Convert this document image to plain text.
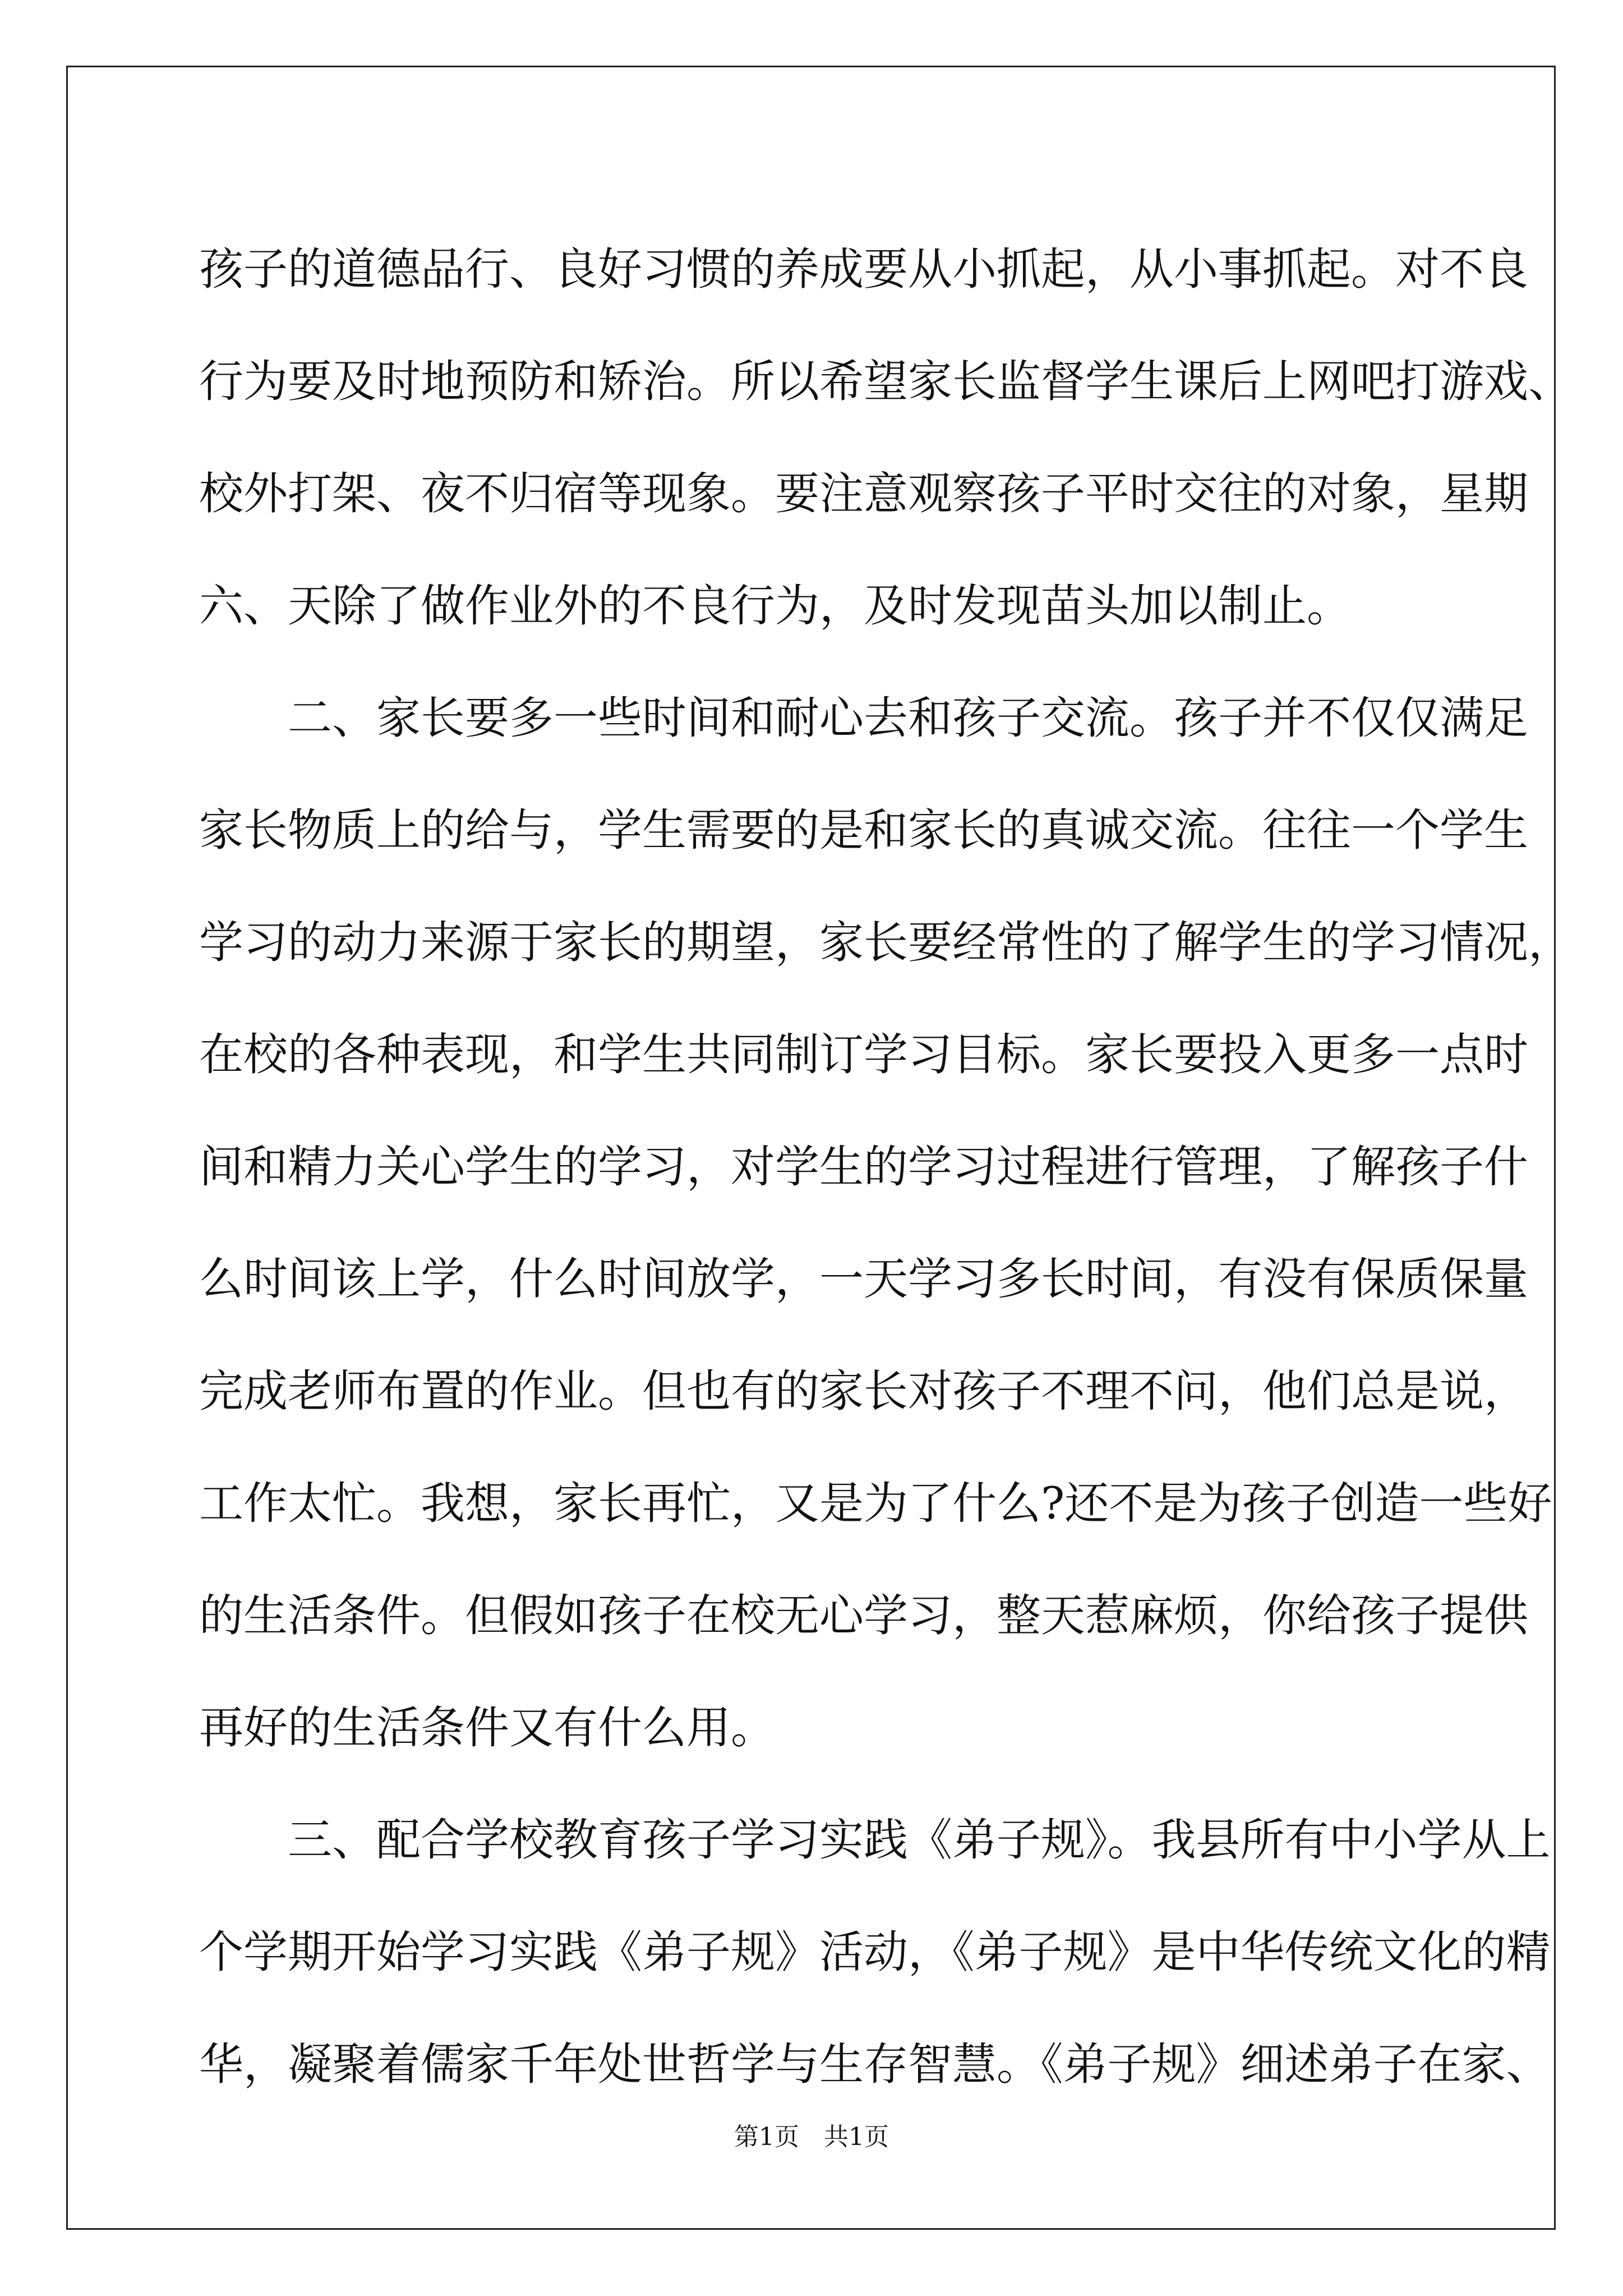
孩子的道德品行、良好习惯的养成要从小抓起，从小事抓起。对不良
行为要及时地预防和矫治。所以希望家长监督学生课后上网吧打游戏、
校外打架、夜不归宿等现象。要注意观察孩子平时交往的对象，星期
六、天除了做作业外的不良行为，及时发现苗头加以制止。
　　二、家长要多一些时间和耐心去和孩子交流。孩子并不仅仅满足
家长物质上的给与，学生需要的是和家长的真诚交流。往往一个学生
学习的动力来源于家长的期望，家长要经常性的了解学生的学习情况，
在校的各种表现，和学生共同制订学习目标。家长要投入更多一点时
间和精力关心学生的学习，对学生的学习过程进行管理，了解孩子什
么时间该上学，什么时间放学，一天学习多长时间，有没有保质保量
完成老师布置的作业。但也有的家长对孩子不理不问，他们总是说，
工作太忙。我想，家长再忙，又是为了什么?还不是为孩子创造一些好
的生活条件。但假如孩子在校无心学习，整天惹麻烦，你给孩子提供
再好的生活条件又有什么用。
　　三、配合学校教育孩子学习实践《弟子规》。我县所有中小学从上
个学期开始学习实践《弟子规》活动，《弟子规》是中华传统文化的精
华，凝聚着儒家千年处世哲学与生存智慧。《弟子规》细述弟子在家、
第1页　共1页
